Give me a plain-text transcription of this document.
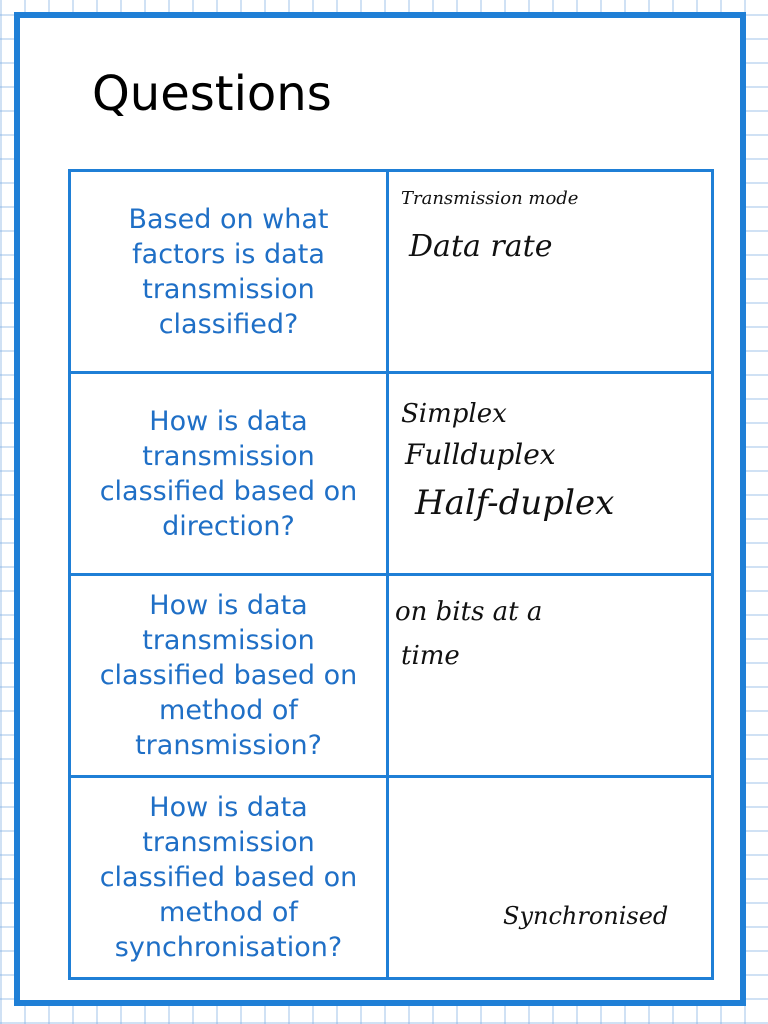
Questions
Based on what factors is data transmission classified?	Transmission mode
Data rate

How is data transmission classified based on direction?	Simplex
Fullduplex
Half-duplex

How is data transmission classified based on method of transmission?	on bits at a
time

How is data transmission classified based on method of synchronisation?	Synchronised
